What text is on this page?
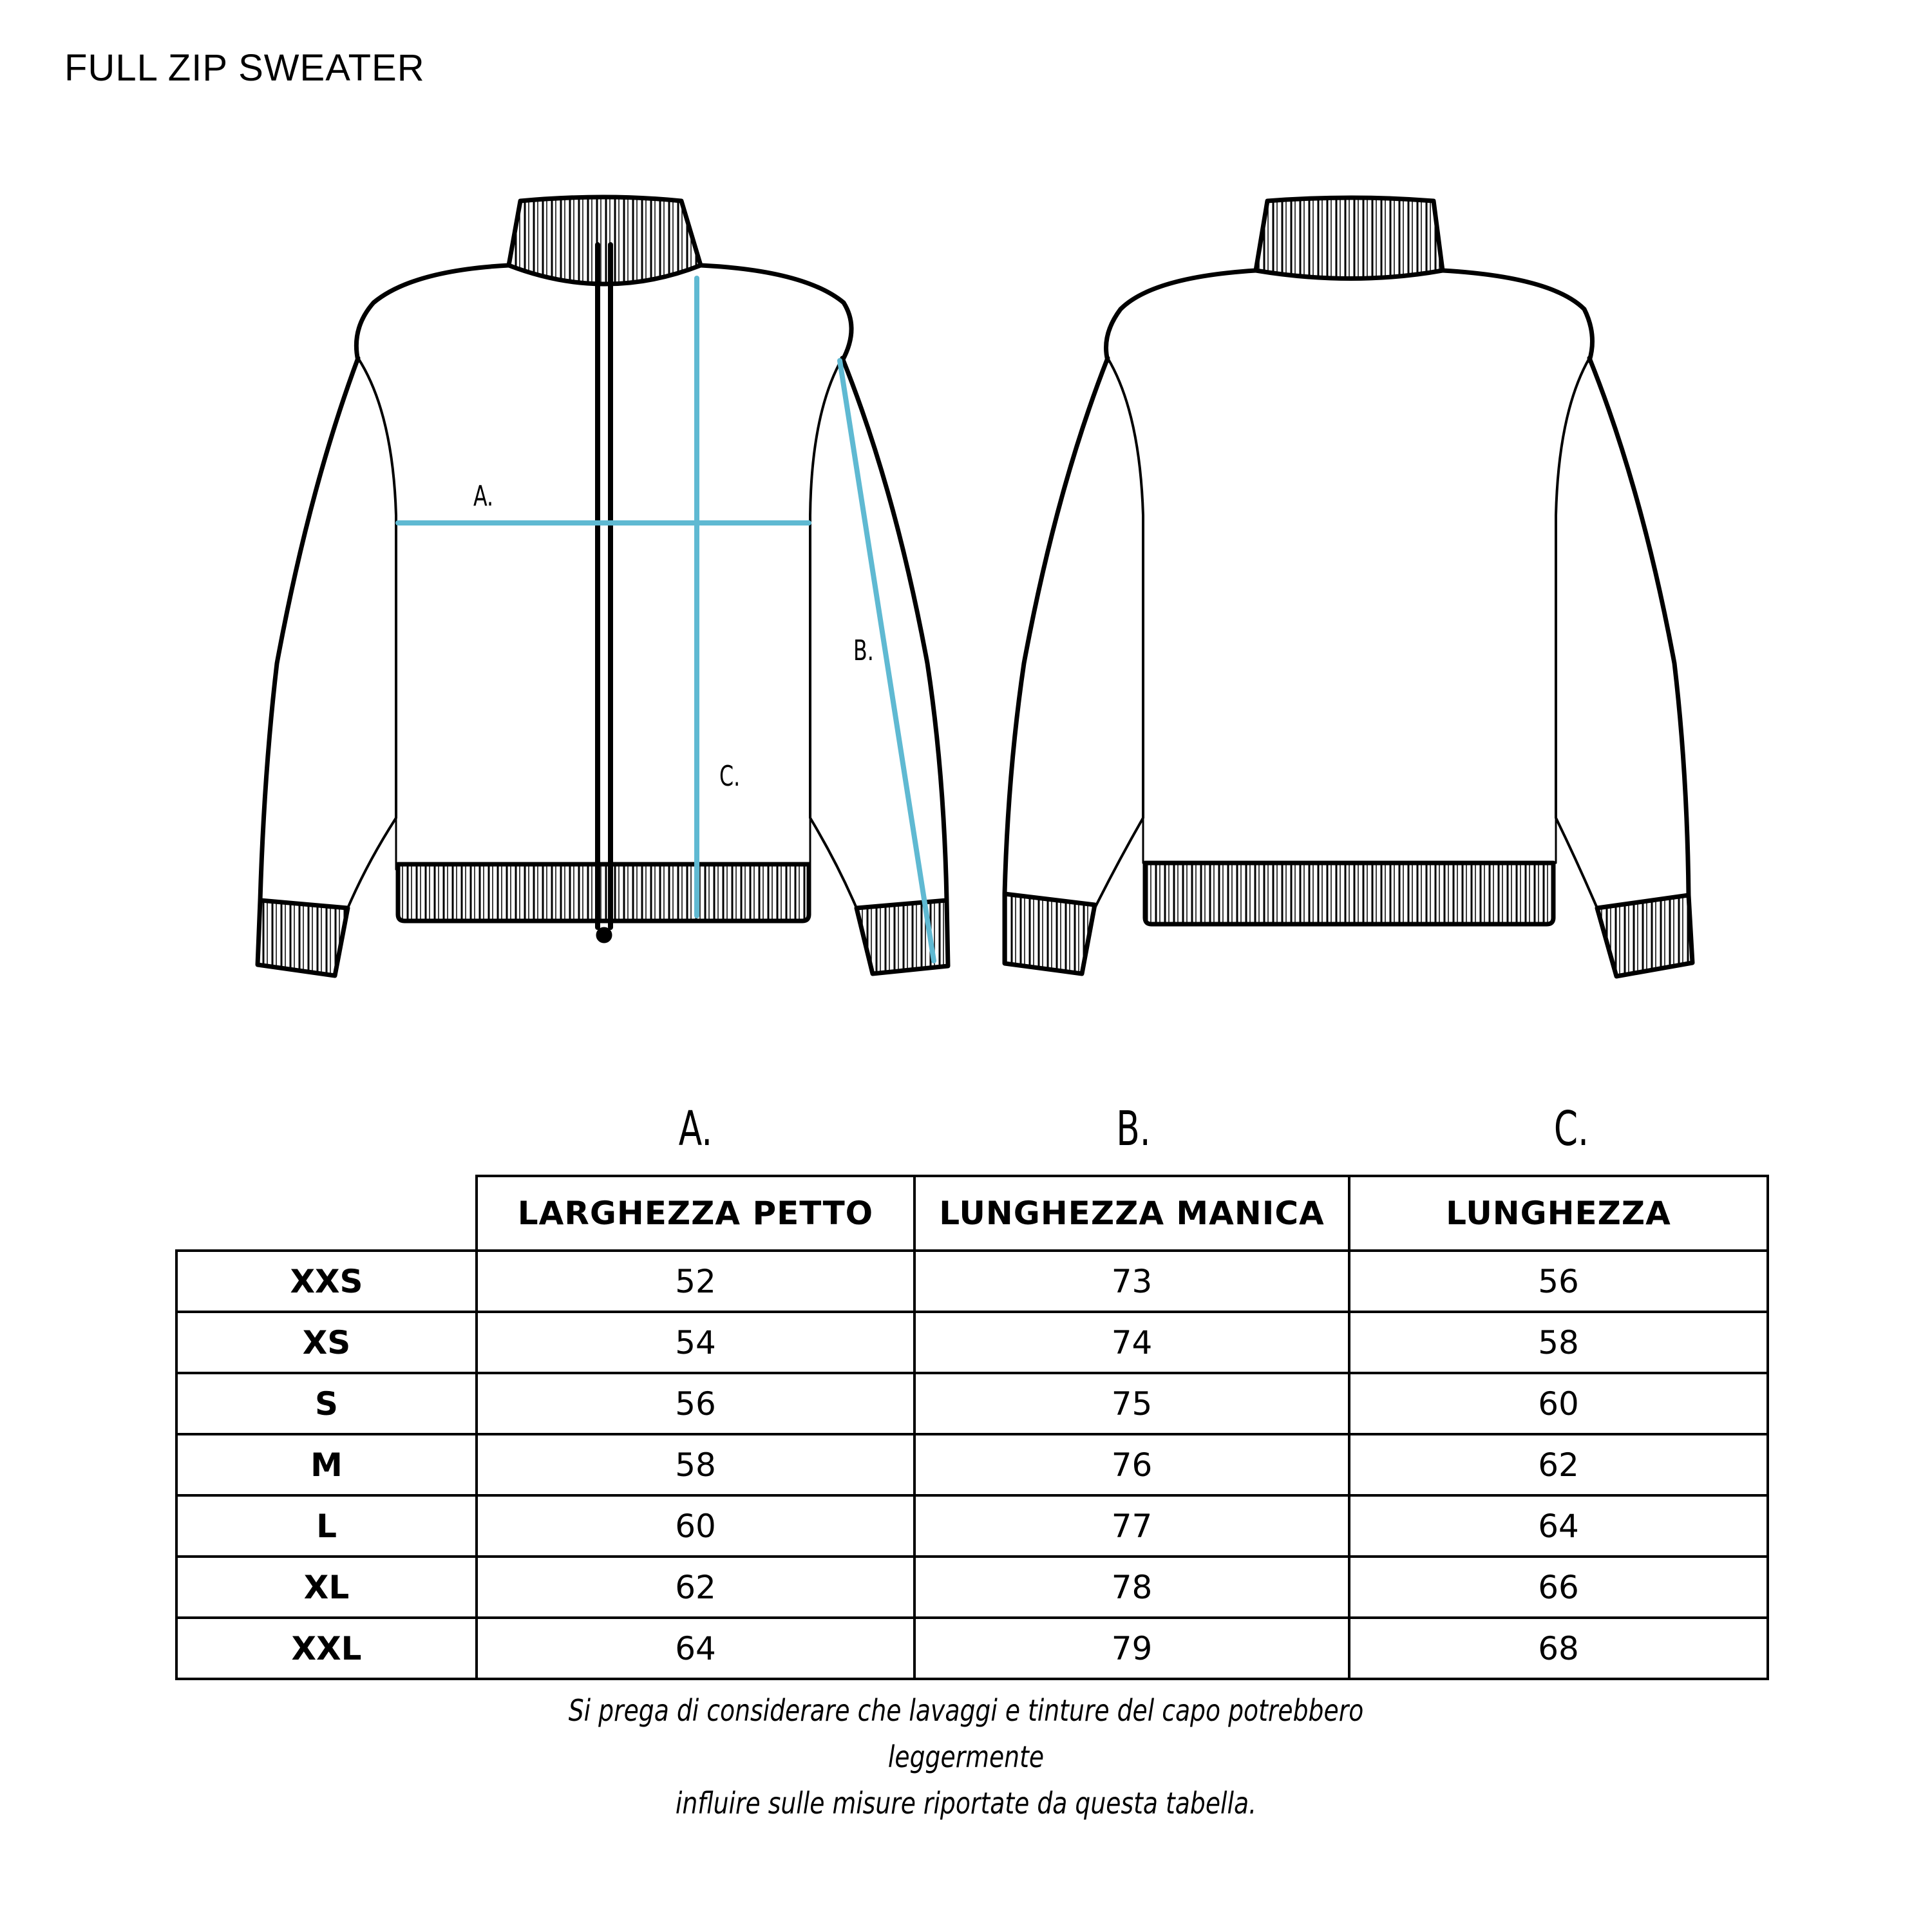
FULL ZIP SWEATER
A.
B.
C.
A.	B.	C.
	LARGHEZZA PETTO	LUNGHEZZA MANICA	LUNGHEZZA
XXS	52	73	56
XS	54	74	58
S	56	75	60
M	58	76	62
L	60	77	64
XL	62	78	66
XXL	64	79	68
Si prega di considerare che lavaggi e tinture del capo potrebbero leggermente
influire sulle misure riportate da questa tabella.
